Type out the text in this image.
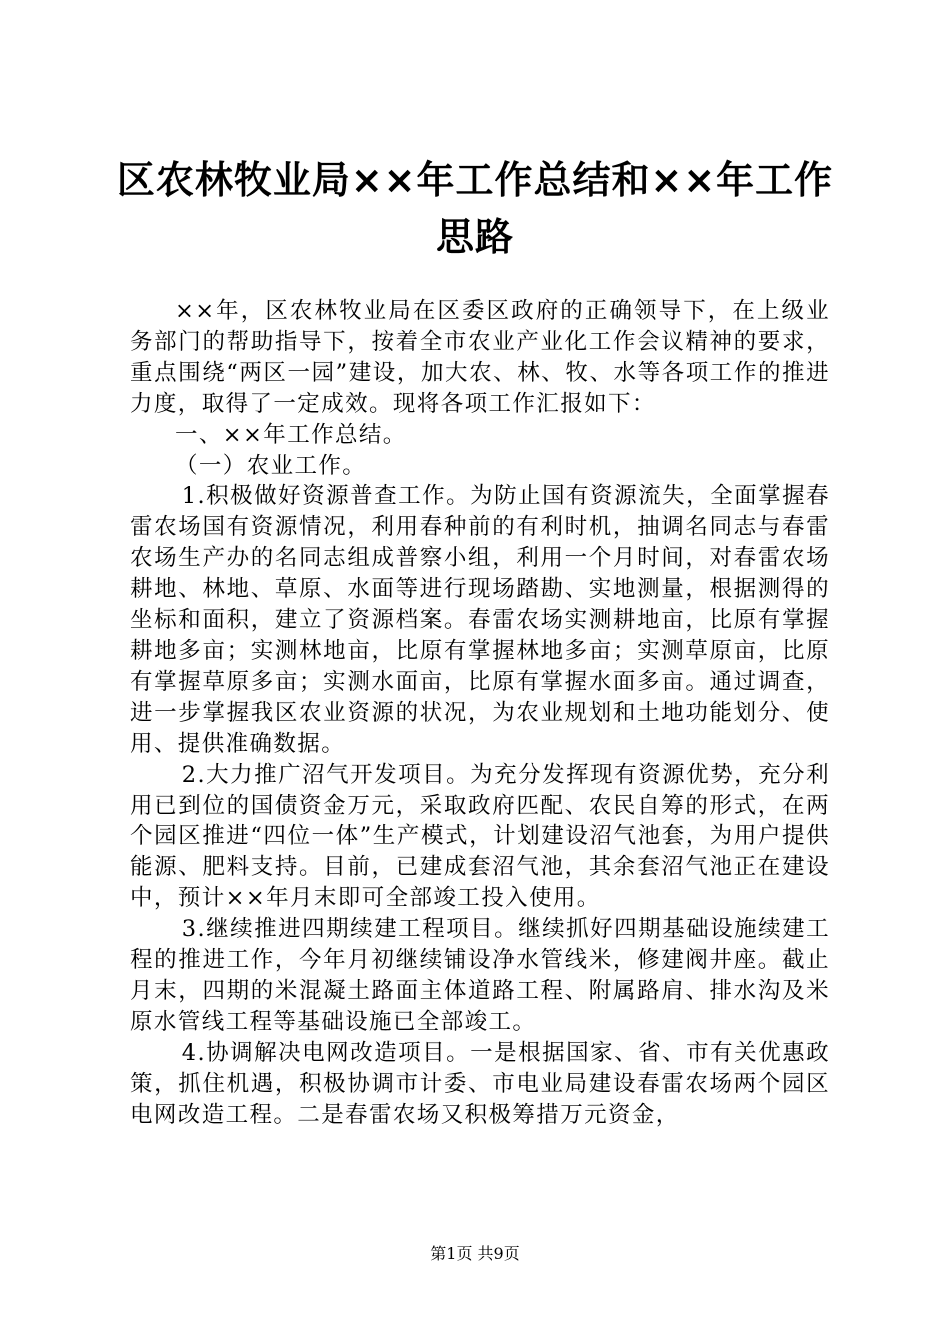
区农林牧业局××年工作总结和××年工作思路

××年，区农林牧业局在区委区政府的正确领导下，在上级业务部门的帮助指导下，按着全市农业产业化工作会议精神的要求，重点围绕“两区一园”建设，加大农、林、牧、水等各项工作的推进力度，取得了一定成效。现将各项工作汇报如下：

一、××年工作总结。

（一）农业工作。

1.积极做好资源普查工作。为防止国有资源流失，全面掌握春雷农场国有资源情况，利用春种前的有利时机，抽调名同志与春雷农场生产办的名同志组成普察小组，利用一个月时间，对春雷农场耕地、林地、草原、水面等进行现场踏勘、实地测量，根据测得的坐标和面积，建立了资源档案。春雷农场实测耕地亩，比原有掌握耕地多亩；实测林地亩，比原有掌握林地多亩；实测草原亩，比原有掌握草原多亩；实测水面亩，比原有掌握水面多亩。通过调查，进一步掌握我区农业资源的状况，为农业规划和土地功能划分、使用、提供准确数据。

2.大力推广沼气开发项目。为充分发挥现有资源优势，充分利用已到位的国债资金万元，采取政府匹配、农民自筹的形式，在两个园区推进“四位一体”生产模式，计划建设沼气池套，为用户提供能源、肥料支持。目前，已建成套沼气池，其余套沼气池正在建设中，预计××年月末即可全部竣工投入使用。

3.继续推进四期续建工程项目。继续抓好四期基础设施续建工程的推进工作，今年月初继续铺设净水管线米，修建阀井座。截止月末，四期的米混凝土路面主体道路工程、附属路肩、排水沟及米原水管线工程等基础设施已全部竣工。

4.协调解决电网改造项目。一是根据国家、省、市有关优惠政策，抓住机遇，积极协调市计委、市电业局建设春雷农场两个园区电网改造工程。二是春雷农场又积极筹措万元资金，

第1页 共9页
